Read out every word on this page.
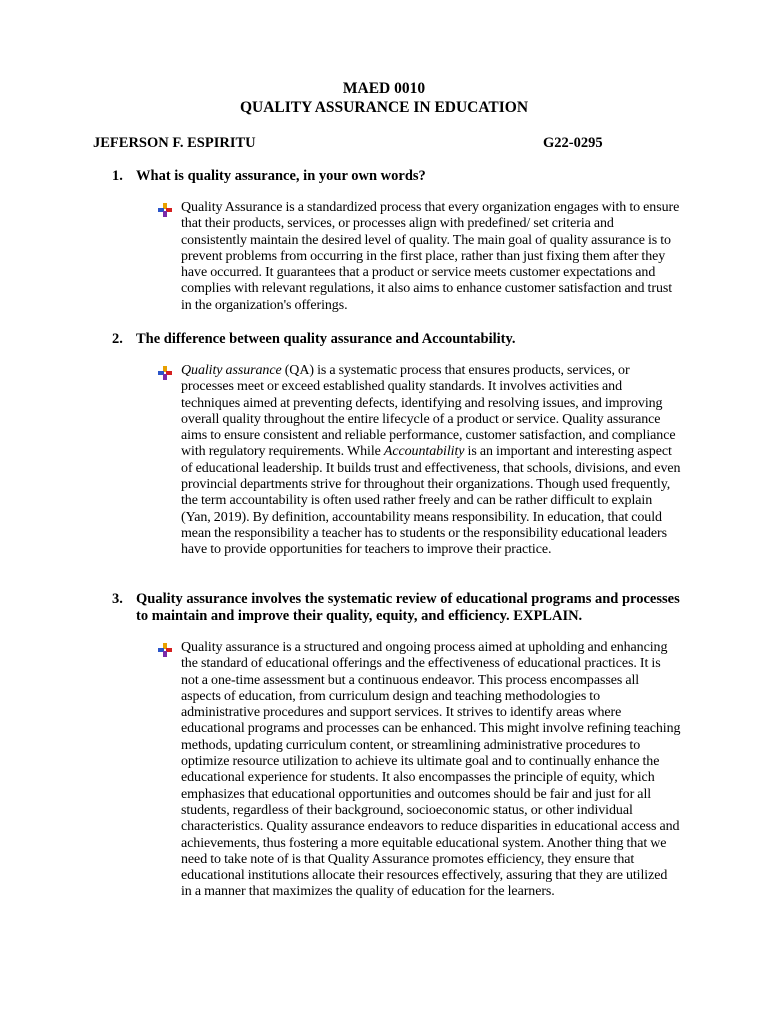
MAED 0010
QUALITY ASSURANCE IN EDUCATION
JEFERSON F. ESPIRITU	G22-0295
1. What is quality assurance, in your own words?
Quality Assurance is a standardized process that every organization engages with to ensure that their products, services, or processes align with predefined/ set criteria and consistently maintain the desired level of quality. The main goal of quality assurance is to prevent problems from occurring in the first place, rather than just fixing them after they have occurred. It guarantees that a product or service meets customer expectations and complies with relevant regulations, it also aims to enhance customer satisfaction and trust in the organization's offerings.
2. The difference between quality assurance and Accountability.
Quality assurance (QA) is a systematic process that ensures products, services, or processes meet or exceed established quality standards. It involves activities and techniques aimed at preventing defects, identifying and resolving issues, and improving overall quality throughout the entire lifecycle of a product or service. Quality assurance aims to ensure consistent and reliable performance, customer satisfaction, and compliance with regulatory requirements. While Accountability is an important and interesting aspect of educational leadership. It builds trust and effectiveness, that schools, divisions, and even provincial departments strive for throughout their organizations. Though used frequently, the term accountability is often used rather freely and can be rather difficult to explain (Yan, 2019). By definition, accountability means responsibility. In education, that could mean the responsibility a teacher has to students or the responsibility educational leaders have to provide opportunities for teachers to improve their practice.
3. Quality assurance involves the systematic review of educational programs and processes to maintain and improve their quality, equity, and efficiency. EXPLAIN.
Quality assurance is a structured and ongoing process aimed at upholding and enhancing the standard of educational offerings and the effectiveness of educational practices. It is not a one-time assessment but a continuous endeavor. This process encompasses all aspects of education, from curriculum design and teaching methodologies to administrative procedures and support services. It strives to identify areas where educational programs and processes can be enhanced. This might involve refining teaching methods, updating curriculum content, or streamlining administrative procedures to optimize resource utilization to achieve its ultimate goal and to continually enhance the educational experience for students. It also encompasses the principle of equity, which emphasizes that educational opportunities and outcomes should be fair and just for all students, regardless of their background, socioeconomic status, or other individual characteristics. Quality assurance endeavors to reduce disparities in educational access and achievements, thus fostering a more equitable educational system. Another thing that we need to take note of is that Quality Assurance promotes efficiency, they ensure that educational institutions allocate their resources effectively, assuring that they are utilized in a manner that maximizes the quality of education for the learners.
